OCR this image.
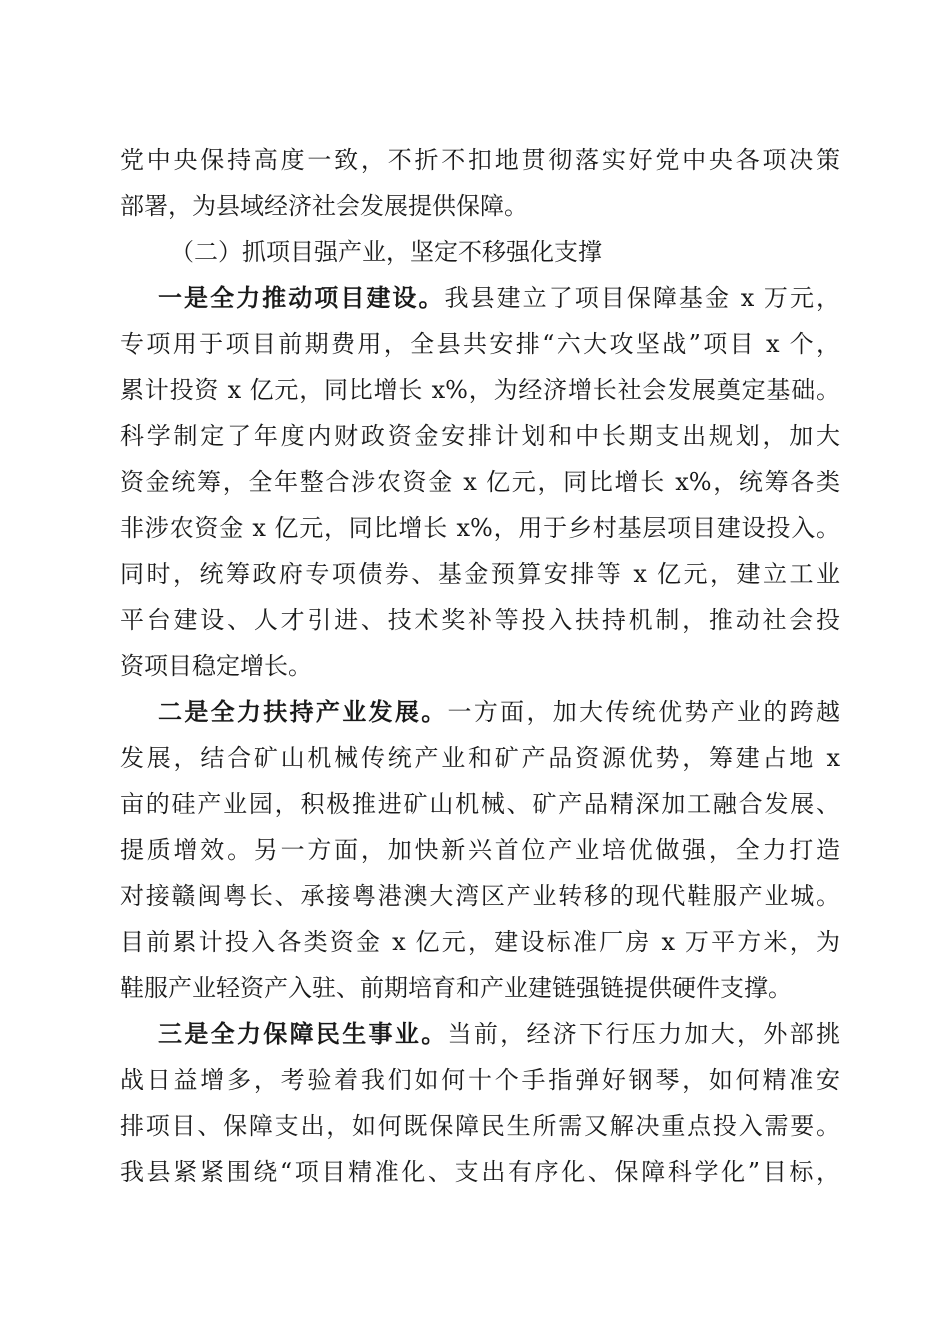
党中央保持高度一致，不折不扣地贯彻落实好党中央各项决策
部署，为县域经济社会发展提供保障。
（二）抓项目强产业，坚定不移强化支撑
一是全力推动项目建设。我县建立了项目保障基金 x 万元，
专项用于项目前期费用，全县共安排“六大攻坚战”项目 x 个，
累计投资 x 亿元，同比增长 x%，为经济增长社会发展奠定基础。
科学制定了年度内财政资金安排计划和中长期支出规划，加大
资金统筹，全年整合涉农资金 x 亿元，同比增长 x%，统筹各类
非涉农资金 x 亿元，同比增长 x%，用于乡村基层项目建设投入。
同时，统筹政府专项债券、基金预算安排等 x 亿元，建立工业
平台建设、人才引进、技术奖补等投入扶持机制，推动社会投
资项目稳定增长。
二是全力扶持产业发展。一方面，加大传统优势产业的跨越
发展，结合矿山机械传统产业和矿产品资源优势，筹建占地 x
亩的硅产业园，积极推进矿山机械、矿产品精深加工融合发展、
提质增效。另一方面，加快新兴首位产业培优做强，全力打造
对接赣闽粤长、承接粤港澳大湾区产业转移的现代鞋服产业城。
目前累计投入各类资金 x 亿元，建设标准厂房 x 万平方米，为
鞋服产业轻资产入驻、前期培育和产业建链强链提供硬件支撑。
三是全力保障民生事业。当前，经济下行压力加大，外部挑
战日益增多，考验着我们如何十个手指弹好钢琴，如何精准安
排项目、保障支出，如何既保障民生所需又解决重点投入需要。
我县紧紧围绕“项目精准化、支出有序化、保障科学化”目标，
